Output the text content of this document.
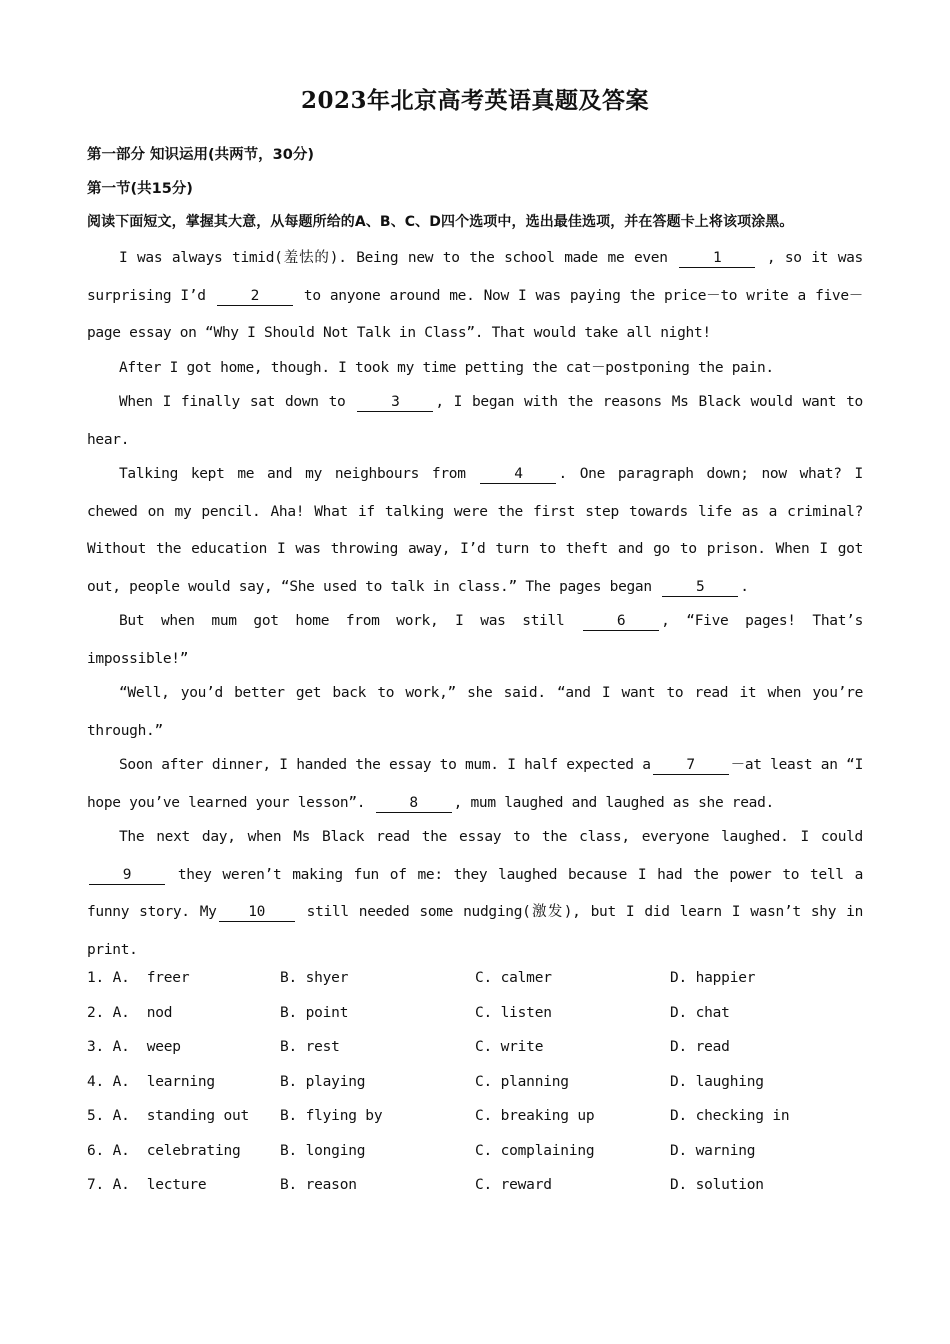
2023年北京高考英语真题及答案
第一部分 知识运用(共两节，30分)
第一节(共15分)
阅读下面短文，掌握其大意，从每题所给的A、B、C、D四个选项中，选出最佳选项，并在答题卡上将该项涂黑。

I was always timid(羞怯的). Being new to the school made me even	1	, so it was surprising I’d	2	to anyone around me. Now I was paying the price－to write a five－page essay on “Why I Should Not Talk in Class”. That would take all night!

After I got home, though. I took my time petting the cat－postponing the pain.

When I finally sat down to	3 , I began with the reasons Ms Black would want to hear.

Talking kept me and my neighbours from	4 . One paragraph down; now what? I chewed on my pencil. Aha! What if talking were the first step towards life as a criminal? Without the education I was throwing away, I’d turn to theft and go to prison. When I got out, people would say, “She used to talk in class.” The pages began	5 .

But when mum got home from work, I was still	6 , “Five pages! That’s impossible!”

“Well, you’d better get back to work,” she said. “and I want to read it when you’re through.”

Soon after dinner, I handed the essay to mum. I half expected a 7 －at least an “I hope you’ve learned your lesson”.	8 , mum laughed and laughed as she read.

The next day, when Ms Black read the essay to the class, everyone laughed. I could 9	they weren’t making fun of me: they laughed because I had the power to tell a funny story. My 10	still needed some nudging(激发), but I did learn I wasn’t shy in print.

1. A. freer	B. shyer	C. calmer	D. happier
2. A. nod	B. point	C. listen	D. chat
3. A. weep	B. rest	C. write	D. read
4. A. learning	B. playing	C. planning	D. laughing
5. A. standing out B. flying by	C. breaking up	D. checking in
6. A. celebrating	B. longing	C. complaining	D. warning
7. A. lecture	B. reason	C. reward	D. solution
